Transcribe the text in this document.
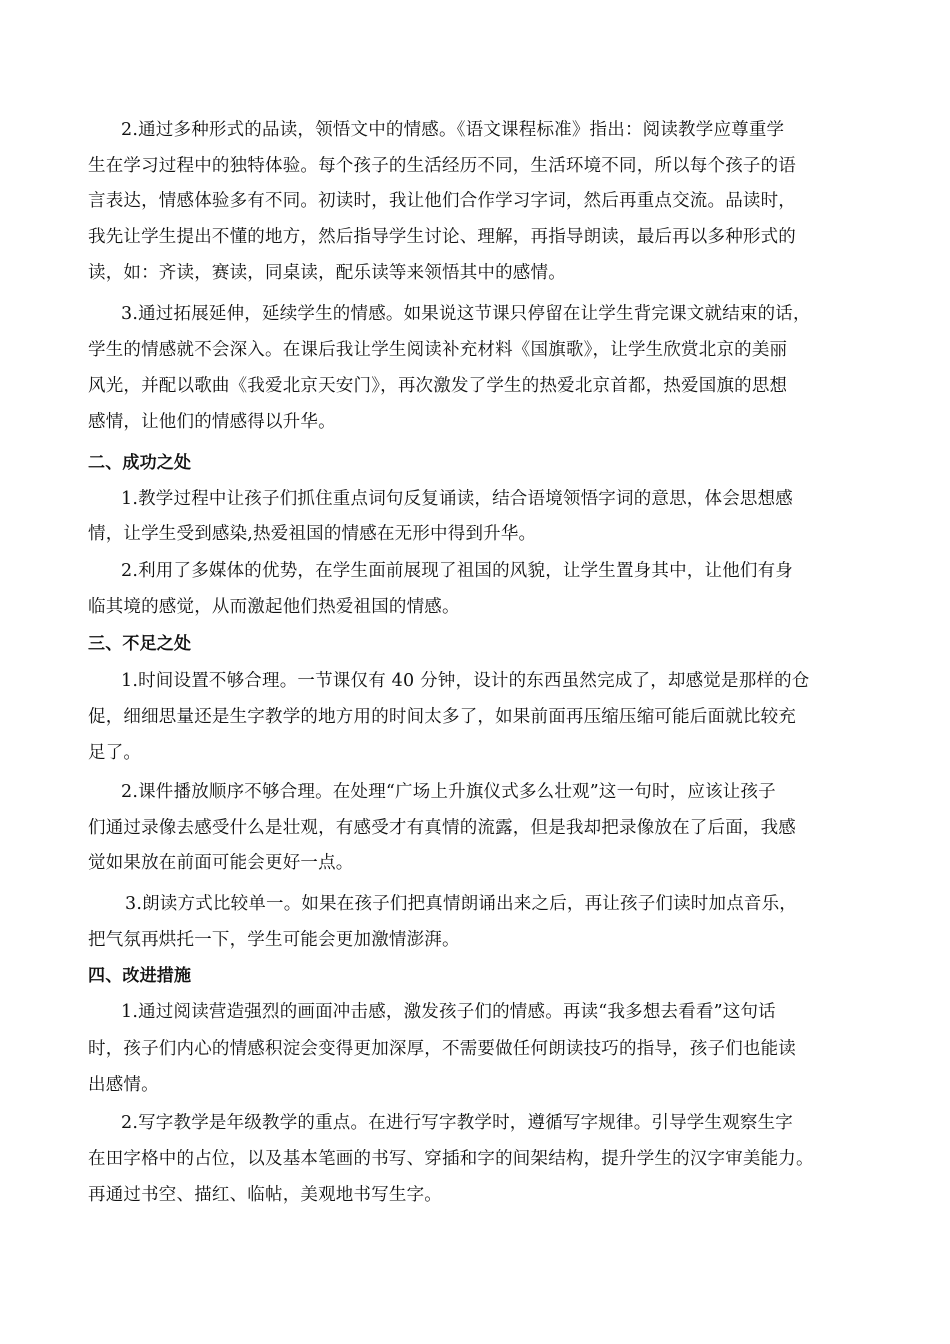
2.通过多种形式的品读，领悟文中的情感。《语文课程标准》指出：阅读教学应尊重学
生在学习过程中的独特体验。每个孩子的生活经历不同，生活环境不同，所以每个孩子的语
言表达，情感体验多有不同。初读时，我让他们合作学习字词，然后再重点交流。品读时，
我先让学生提出不懂的地方，然后指导学生讨论、理解，再指导朗读，最后再以多种形式的
读，如：齐读，赛读，同桌读，配乐读等来领悟其中的感情。
3.通过拓展延伸，延续学生的情感。如果说这节课只停留在让学生背完课文就结束的话，
学生的情感就不会深入。在课后我让学生阅读补充材料《国旗歌》，让学生欣赏北京的美丽
风光，并配以歌曲《我爱北京天安门》，再次激发了学生的热爱北京首都，热爱国旗的思想
感情，让他们的情感得以升华。
二、成功之处
1.教学过程中让孩子们抓住重点词句反复诵读，结合语境领悟字词的意思，体会思想感
情，让学生受到感染,热爱祖国的情感在无形中得到升华。
2.利用了多媒体的优势，在学生面前展现了祖国的风貌，让学生置身其中，让他们有身
临其境的感觉，从而激起他们热爱祖国的情感。
三、不足之处
1.时间设置不够合理。一节课仅有 40 分钟，设计的东西虽然完成了，却感觉是那样的仓
促，细细思量还是生字教学的地方用的时间太多了，如果前面再压缩压缩可能后面就比较充
足了。
2.课件播放顺序不够合理。在处理“广场上升旗仪式多么壮观”这一句时，应该让孩子
们通过录像去感受什么是壮观，有感受才有真情的流露，但是我却把录像放在了后面，我感
觉如果放在前面可能会更好一点。
3.朗读方式比较单一。如果在孩子们把真情朗诵出来之后，再让孩子们读时加点音乐，
把气氛再烘托一下，学生可能会更加激情澎湃。
四、改进措施
1.通过阅读营造强烈的画面冲击感，激发孩子们的情感。再读“我多想去看看”这句话
时，孩子们内心的情感积淀会变得更加深厚，不需要做任何朗读技巧的指导，孩子们也能读
出感情。
2.写字教学是年级教学的重点。在进行写字教学时，遵循写字规律。引导学生观察生字
在田字格中的占位，以及基本笔画的书写、穿插和字的间架结构，提升学生的汉字审美能力。
再通过书空、描红、临帖，美观地书写生字。
